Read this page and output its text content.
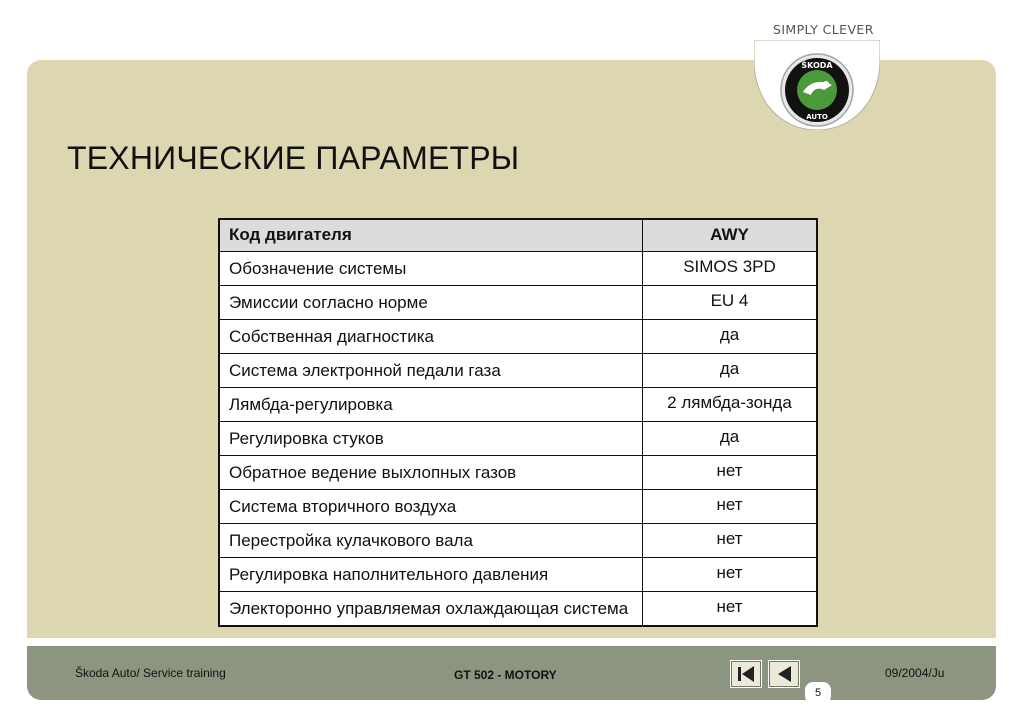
SIMPLY CLEVER
ŠKODA
AUTO
ТЕХНИЧЕСКИЕ ПАРАМЕТРЫ
Код двигателя	AWY
Обозначение системы	SIMOS 3PD
Эмиссии согласно норме	EU 4
Собственная диагностика	да
Система электронной педали газа	да
Лямбда-регулировка	2 лямбда-зонда
Регулировка стуков	да
Обратное ведение выхлопных газов	нет
Система вторичного воздуха	нет
Перестройка кулачкового вала	нет
Регулировка наполнительного давления	нет
Электоронно управляемая охлаждающая система	нет
Škoda Auto/ Service training	GT 502 - MOTORY
5
09/2004/Ju
